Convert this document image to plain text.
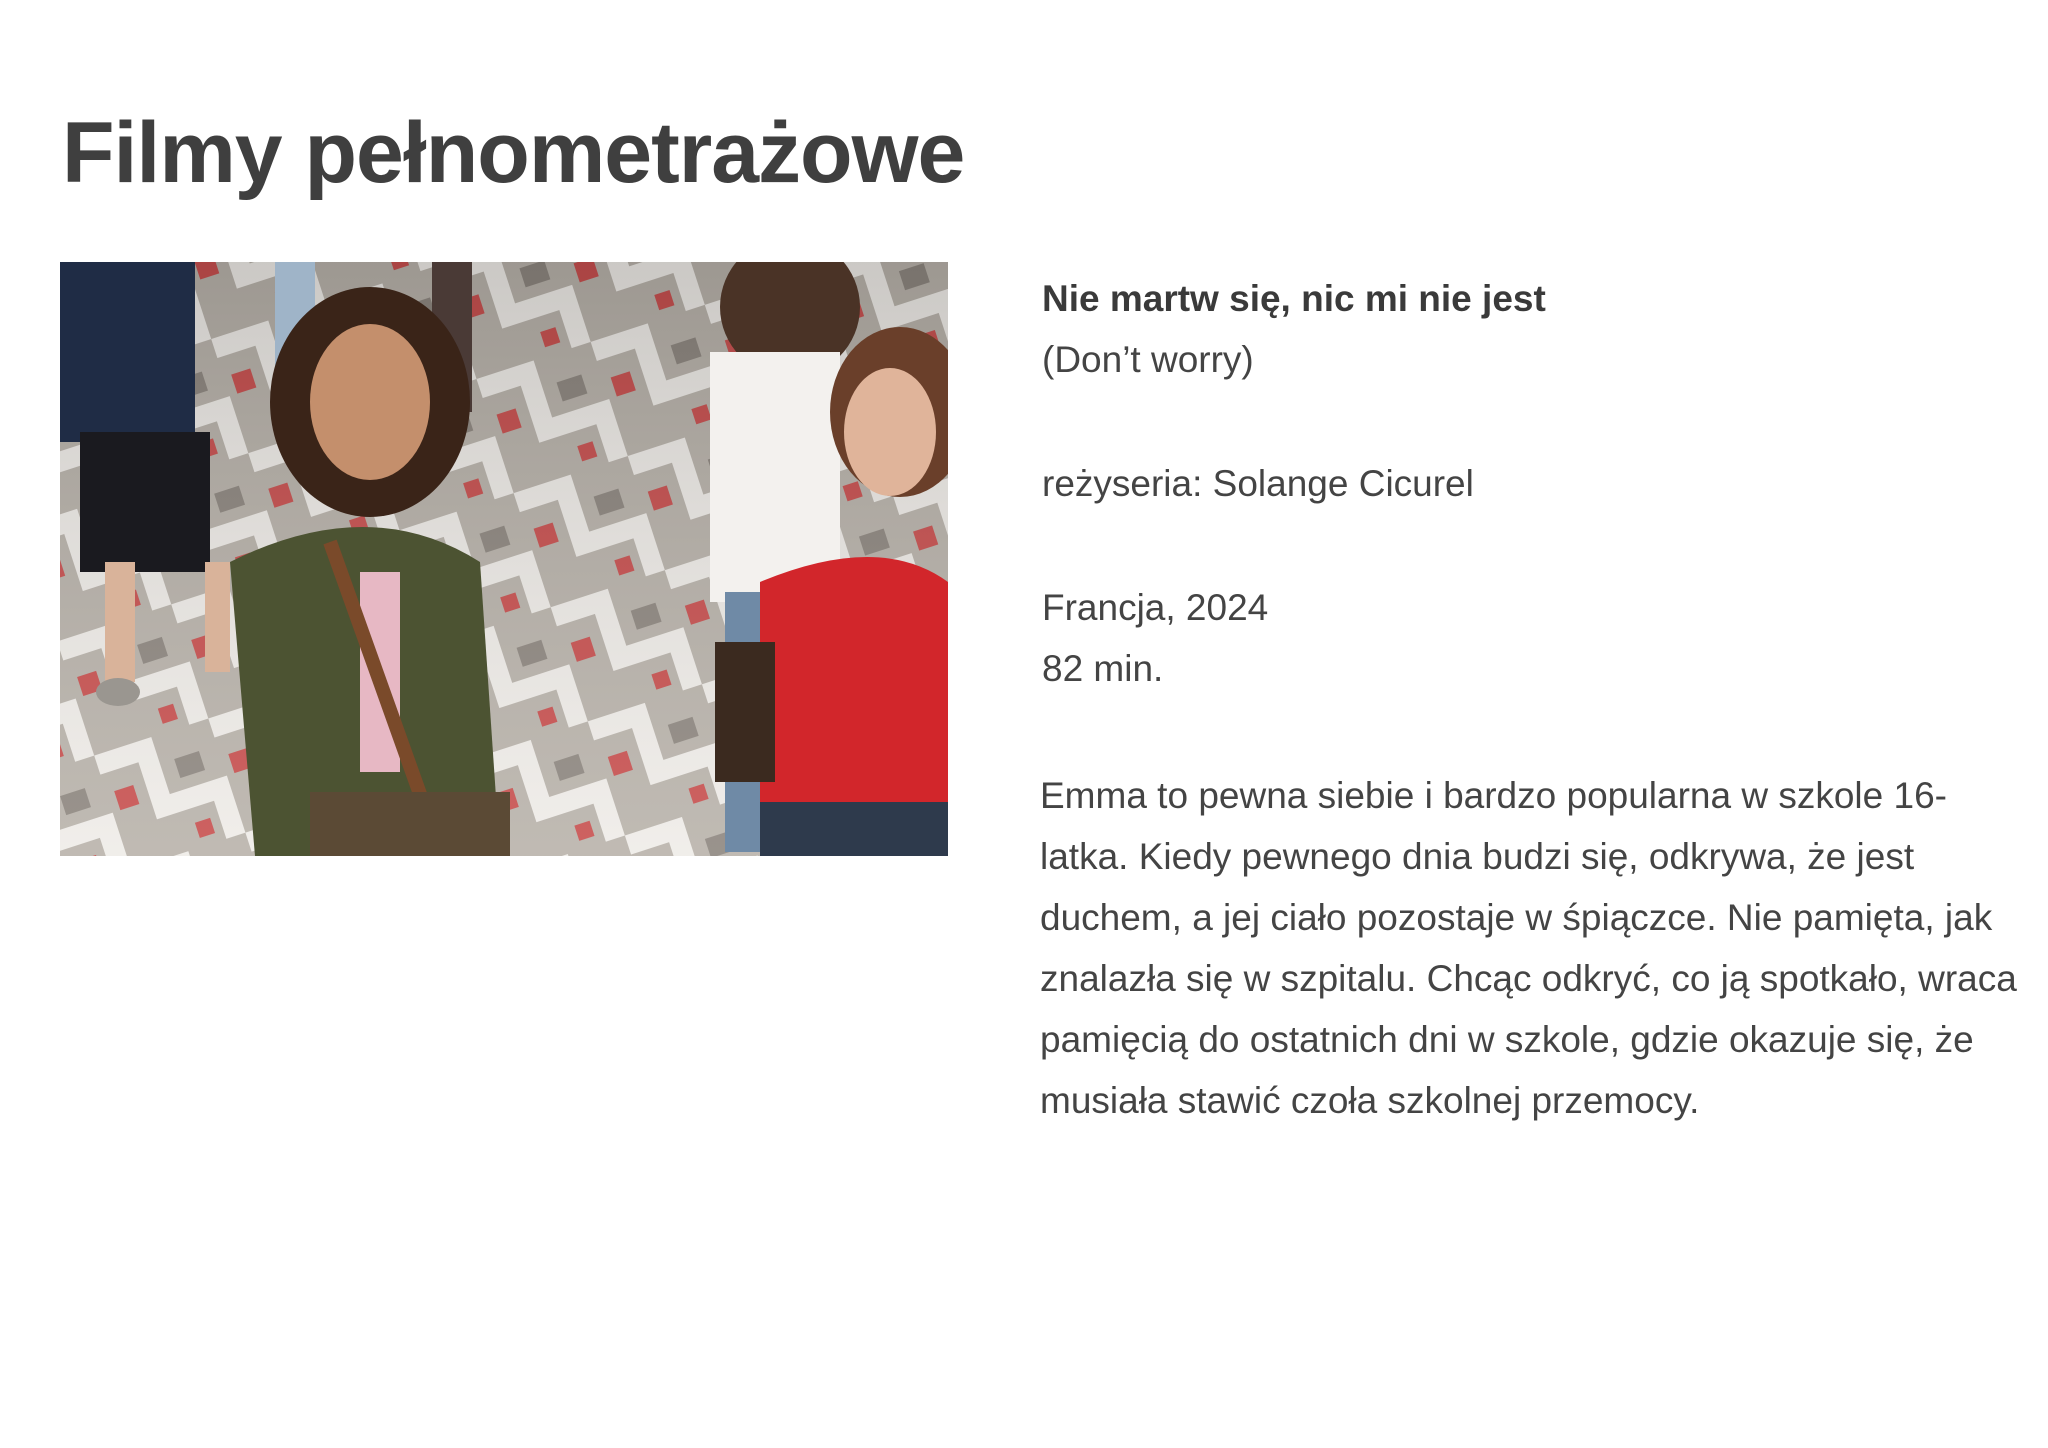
Filmy pełnometrażowe

Nie martw się, nic mi nie jest

(Don’t worry)

reżyseria: Solange Cicurel

Francja, 2024

82 min.

Emma to pewna siebie i bardzo popularna w szkole 16-latka. Kiedy pewnego dnia budzi się, odkrywa, że jest duchem, a jej ciało pozostaje w śpiączce. Nie pamięta, jak znalazła się w szpitalu. Chcąc odkryć, co ją spotkało, wraca pamięcią do ostatnich dni w szkole, gdzie okazuje się, że musiała stawić czoła szkolnej przemocy.
